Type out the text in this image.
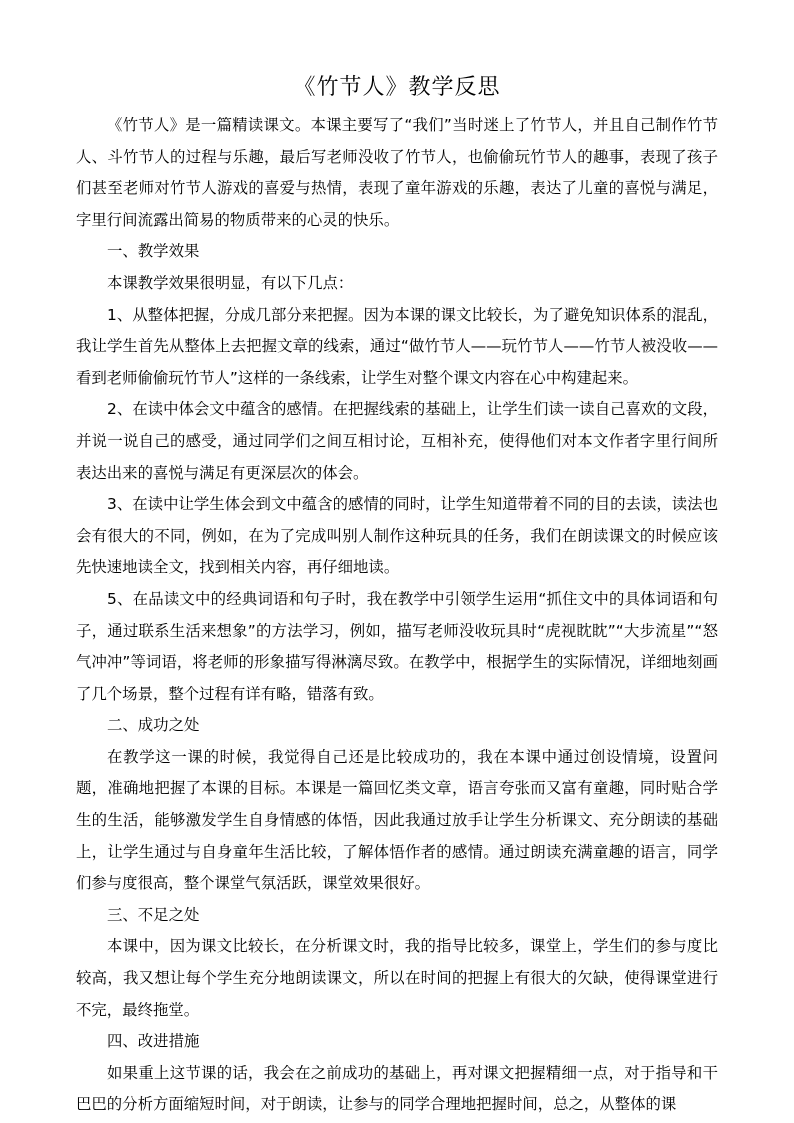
《竹节人》教学反思

《竹节人》是一篇精读课文。本课主要写了“我们”当时迷上了竹节人，并且自己制作竹节人、斗竹节人的过程与乐趣，最后写老师没收了竹节人，也偷偷玩竹节人的趣事，表现了孩子们甚至老师对竹节人游戏的喜爱与热情，表现了童年游戏的乐趣，表达了儿童的喜悦与满足，字里行间流露出简易的物质带来的心灵的快乐。

一、教学效果

本课教学效果很明显，有以下几点：

1、从整体把握，分成几部分来把握。因为本课的课文比较长，为了避免知识体系的混乱，我让学生首先从整体上去把握文章的线索，通过“做竹节人——玩竹节人——竹节人被没收——看到老师偷偷玩竹节人”这样的一条线索，让学生对整个课文内容在心中构建起来。

2、在读中体会文中蕴含的感情。在把握线索的基础上，让学生们读一读自己喜欢的文段，并说一说自己的感受，通过同学们之间互相讨论，互相补充，使得他们对本文作者字里行间所表达出来的喜悦与满足有更深层次的体会。

3、在读中让学生体会到文中蕴含的感情的同时，让学生知道带着不同的目的去读，读法也会有很大的不同，例如，在为了完成叫别人制作这种玩具的任务，我们在朗读课文的时候应该先快速地读全文，找到相关内容，再仔细地读。

5、在品读文中的经典词语和句子时，我在教学中引领学生运用“抓住文中的具体词语和句子，通过联系生活来想象”的方法学习，例如，描写老师没收玩具时“虎视眈眈”“大步流星”“怒气冲冲”等词语，将老师的形象描写得淋漓尽致。在教学中，根据学生的实际情况，详细地刻画了几个场景，整个过程有详有略，错落有致。

二、成功之处

在教学这一课的时候，我觉得自己还是比较成功的，我在本课中通过创设情境，设置问题，准确地把握了本课的目标。本课是一篇回忆类文章，语言夸张而又富有童趣，同时贴合学生的生活，能够激发学生自身情感的体悟，因此我通过放手让学生分析课文、充分朗读的基础上，让学生通过与自身童年生活比较，了解体悟作者的感情。通过朗读充满童趣的语言，同学们参与度很高，整个课堂气氛活跃，课堂效果很好。

三、不足之处

本课中，因为课文比较长，在分析课文时，我的指导比较多，课堂上，学生们的参与度比较高，我又想让每个学生充分地朗读课文，所以在时间的把握上有很大的欠缺，使得课堂进行不完，最终拖堂。

四、改进措施

如果重上这节课的话，我会在之前成功的基础上，再对课文把握精细一点，对于指导和干巴巴的分析方面缩短时间，对于朗读，让参与的同学合理地把握时间，总之，从整体的课
